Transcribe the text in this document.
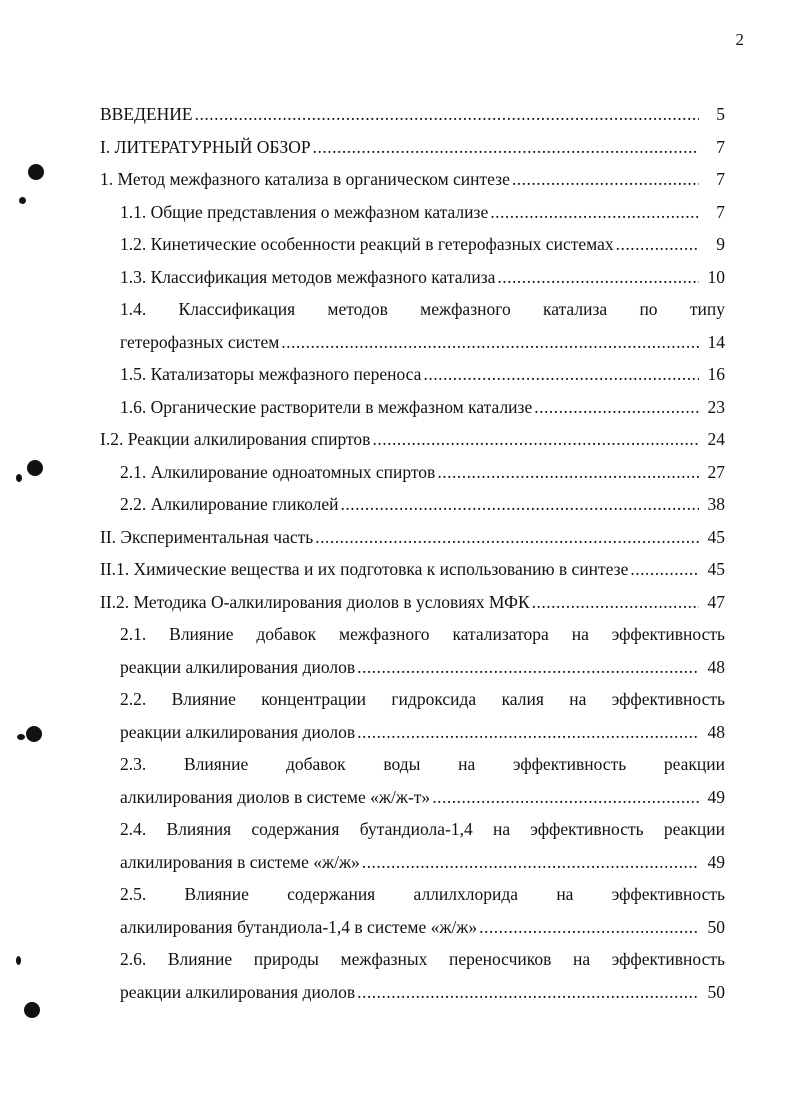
2
ВВЕДЕНИЕ .....	5
I. ЛИТЕРАТУРНЫЙ ОБЗОР .....	7
1. Метод межфазного катализа в органическом синтезе .....	7
1.1. Общие представления о межфазном катализе .....	7
1.2. Кинетические особенности реакций в гетерофазных системах .....	9
1.3. Классификация методов межфазного катализа .....	10
1.4. Классификация методов межфазного катализа по типу
гетерофазных систем .....	14
1.5. Катализаторы межфазного переноса .....	16
1.6. Органические растворители в межфазном катализе .....	23
I.2. Реакции алкилирования спиртов .....	24
2.1. Алкилирование одноатомных спиртов .....	27
2.2. Алкилирование гликолей .....	38
II. Экспериментальная часть .....	45
II.1. Химические вещества и их подготовка к использованию в синтезе .....	45
II.2. Методика О-алкилирования диолов в условиях МФК .....	47
2.1. Влияние добавок межфазного катализатора на эффективность
реакции алкилирования диолов .....	48
2.2. Влияние концентрации гидроксида калия на эффективность
реакции алкилирования диолов .....	48
2.3. Влияние добавок воды на эффективность реакции
алкилирования диолов в системе «ж/ж-т» .....	49
2.4. Влияния содержания бутандиола-1,4 на эффективность реакции
алкилирования в системе «ж/ж» .....	49
2.5. Влияние содержания аллилхлорида на эффективность
алкилирования бутандиола-1,4 в системе «ж/ж» .....	50
2.6. Влияние природы межфазных переносчиков на эффективность
реакции алкилирования диолов .....	50
